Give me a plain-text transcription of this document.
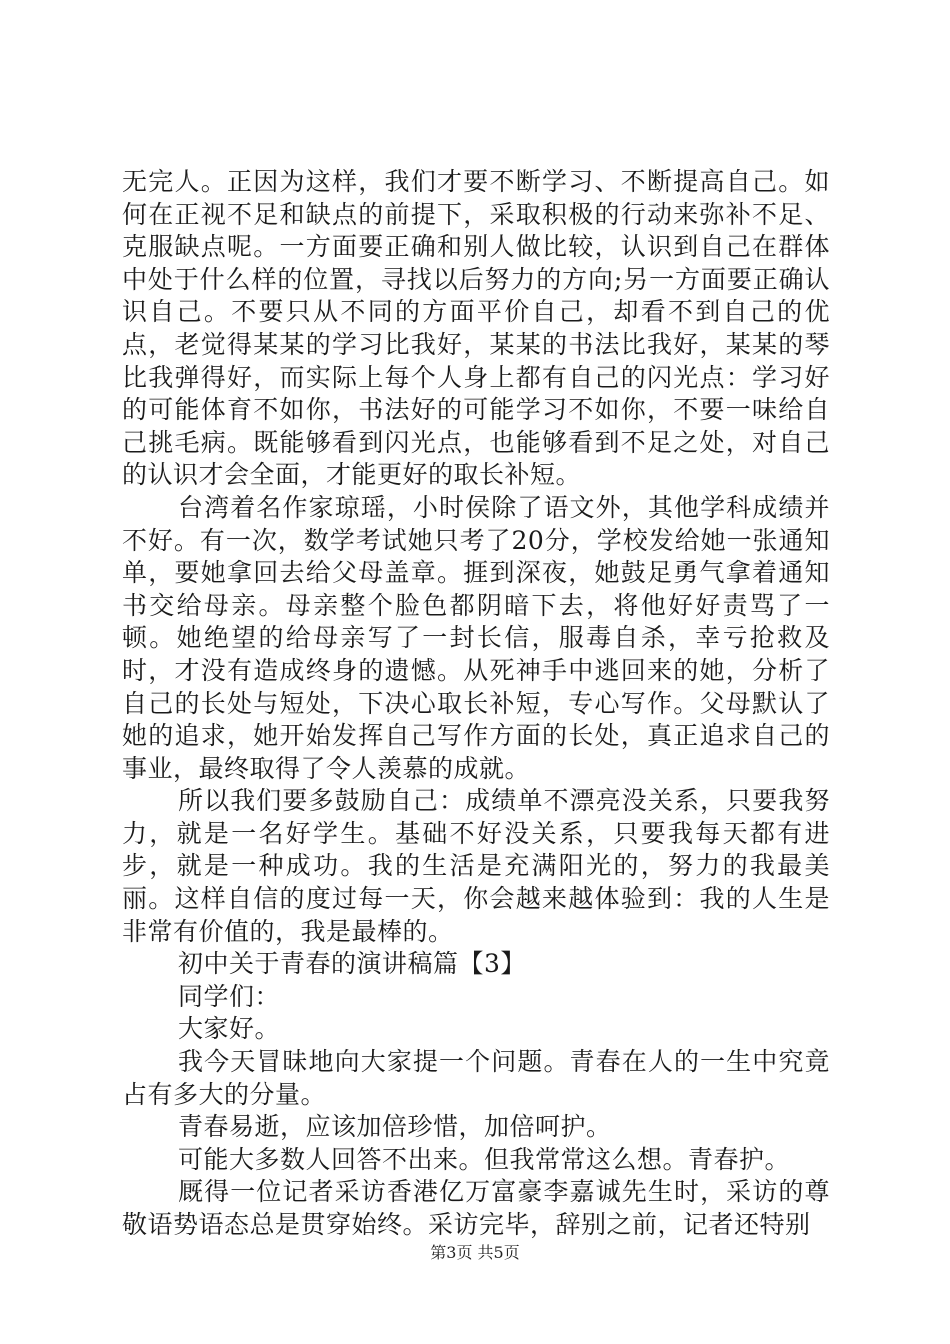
无完人。正因为这样，我们才要不断学习、不断提高自己。如何在正视不足和缺点的前提下，采取积极的行动来弥补不足、克服缺点呢。一方面要正确和别人做比较，认识到自己在群体中处于什么样的位置，寻找以后努力的方向;另一方面要正确认识自己。不要只从不同的方面平价自己，却看不到自己的优点，老觉得某某的学习比我好，某某的书法比我好，某某的琴比我弹得好，而实际上每个人身上都有自己的闪光点：学习好的可能体育不如你，书法好的可能学习不如你，不要一味给自己挑毛病。既能够看到闪光点，也能够看到不足之处，对自己的认识才会全面，才能更好的取长补短。

台湾着名作家琼瑶，小时侯除了语文外，其他学科成绩并不好。有一次，数学考试她只考了20分，学校发给她一张通知单，要她拿回去给父母盖章。捱到深夜，她鼓足勇气拿着通知书交给母亲。母亲整个脸色都阴暗下去，将他好好责骂了一顿。她绝望的给母亲写了一封长信，服毒自杀，幸亏抢救及时，才没有造成终身的遗憾。从死神手中逃回来的她，分析了自己的长处与短处，下决心取长补短，专心写作。父母默认了她的追求，她开始发挥自己写作方面的长处，真正追求自己的事业，最终取得了令人羡慕的成就。

所以我们要多鼓励自己：成绩单不漂亮没关系，只要我努力，就是一名好学生。基础不好没关系，只要我每天都有进步，就是一种成功。我的生活是充满阳光的，努力的我最美丽。这样自信的度过每一天，你会越来越体验到：我的人生是非常有价值的，我是最棒的。

初中关于青春的演讲稿篇【3】

同学们：

大家好。

我今天冒昧地向大家提一个问题。青春在人的一生中究竟占有多大的分量。

青春易逝，应该加倍珍惜，加倍呵护。

可能大多数人回答不出来。但我常常这么想。青春护。

厩得一位记者采访香港亿万富豪李嘉诚先生时，采访的尊敬语势语态总是贯穿始终。采访完毕，辞别之前，记者还特别

第3页 共5页
